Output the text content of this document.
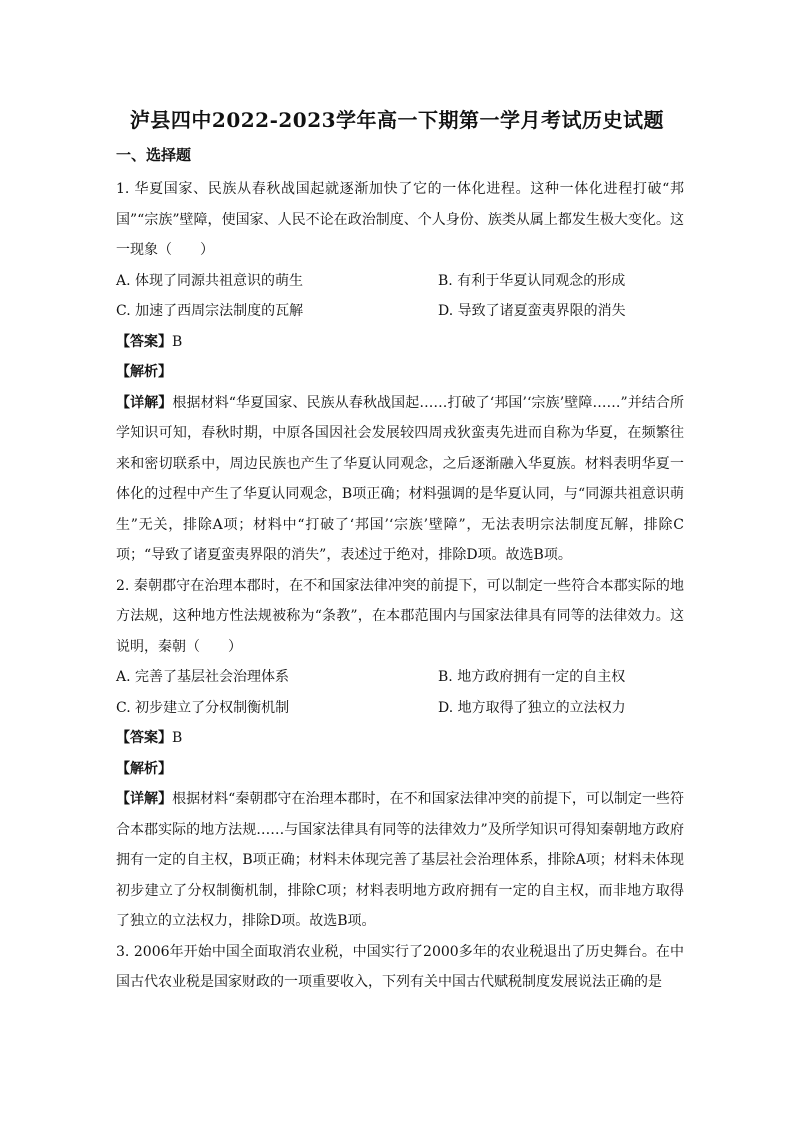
泸县四中2022-2023学年高一下期第一学月考试历史试题
一、选择题

1. 华夏国家、民族从春秋战国起就逐渐加快了它的一体化进程。这种一体化进程打破“邦国”“宗族”壁障，使国家、人民不论在政治制度、个人身份、族类从属上都发生极大变化。这一现象（　　）

A. 体现了同源共祖意识的萌生	B. 有利于华夏认同观念的形成
C. 加速了西周宗法制度的瓦解	D. 导致了诸夏蛮夷界限的消失

【答案】B

【解析】

【详解】根据材料“华夏国家、民族从春秋战国起……打破了‘邦国’‘宗族’壁障……”并结合所学知识可知，春秋时期，中原各国因社会发展较四周戎狄蛮夷先进而自称为华夏，在频繁往来和密切联系中，周边民族也产生了华夏认同观念，之后逐渐融入华夏族。材料表明华夏一体化的过程中产生了华夏认同观念，B项正确；材料强调的是华夏认同，与“同源共祖意识萌生”无关，排除A项；材料中“打破了‘邦国’‘宗族’壁障”，无法表明宗法制度瓦解，排除C项；“导致了诸夏蛮夷界限的消失”，表述过于绝对，排除D项。故选B项。

2. 秦朝郡守在治理本郡时，在不和国家法律冲突的前提下，可以制定一些符合本郡实际的地方法规，这种地方性法规被称为“条教”，在本郡范围内与国家法律具有同等的法律效力。这说明，秦朝（　　）

A. 完善了基层社会治理体系	B. 地方政府拥有一定的自主权
C. 初步建立了分权制衡机制	D. 地方取得了独立的立法权力

【答案】B

【解析】

【详解】根据材料“秦朝郡守在治理本郡时，在不和国家法律冲突的前提下，可以制定一些符合本郡实际的地方法规……与国家法律具有同等的法律效力”及所学知识可得知秦朝地方政府拥有一定的自主权，B项正确；材料未体现完善了基层社会治理体系，排除A项；材料未体现初步建立了分权制衡机制，排除C项；材料表明地方政府拥有一定的自主权，而非地方取得了独立的立法权力，排除D项。故选B项。

3. 2006年开始中国全面取消农业税，中国实行了2000多年的农业税退出了历史舞台。在中国古代农业税是国家财政的一项重要收入，下列有关中国古代赋税制度发展说法正确的是
